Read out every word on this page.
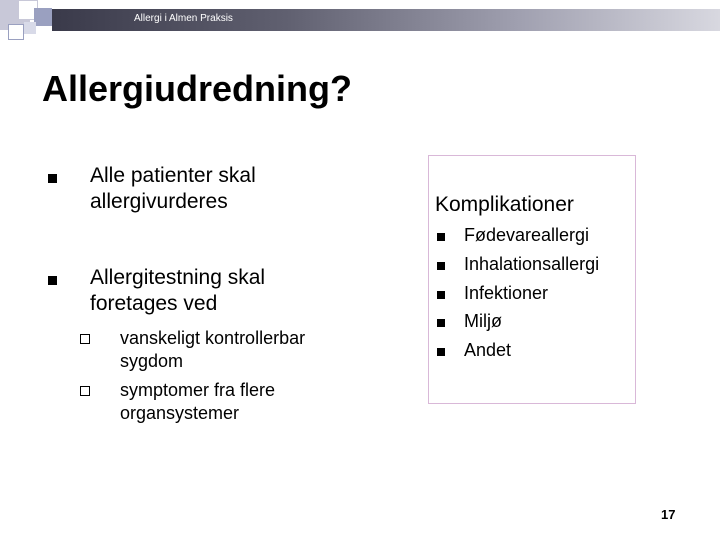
Allergi i Almen Praksis
Allergiudredning?
Alle patienter skal
allergivurderes
Allergitestning skal
foretages ved
vanskeligt kontrollerbar
sygdom
symptomer fra flere
organsystemer
Komplikationer
Fødevareallergi
Inhalationsallergi
Infektioner
Miljø
Andet
17
